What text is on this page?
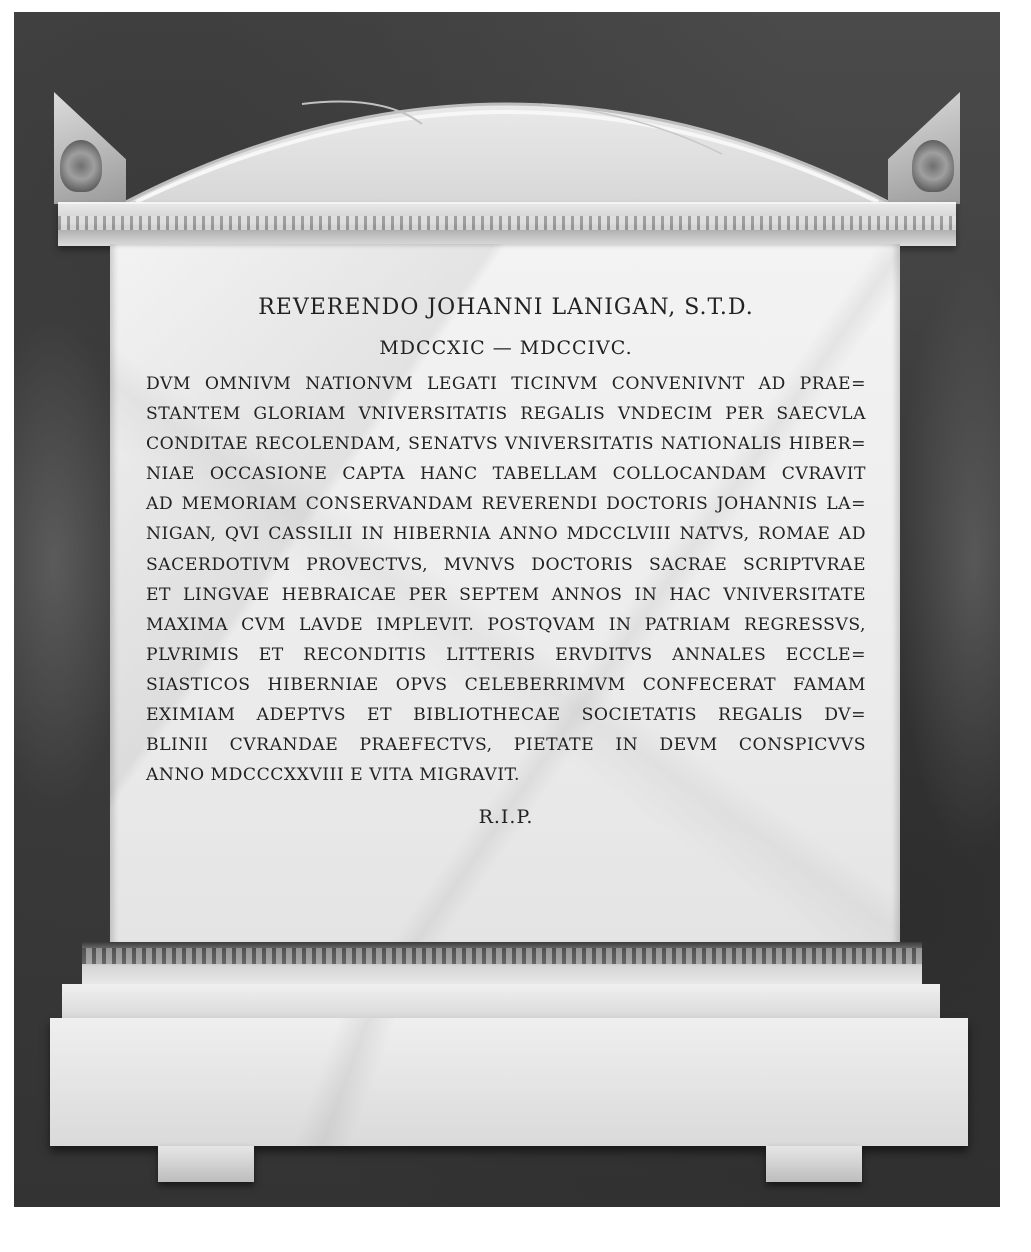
REVERENDO JOHANNI LANIGAN, S.T.D.
MDCCXIC — MDCCIVC.
DVM OMNIVM NATIONVM LEGATI TICINVM CONVENIVNT AD PRAE=
STANTEM GLORIAM VNIVERSITATIS REGALIS VNDECIM PER SAECVLA
CONDITAE RECOLENDAM, SENATVS VNIVERSITATIS NATIONALIS HIBER=
NIAE OCCASIONE CAPTA HANC TABELLAM COLLOCANDAM CVRAVIT
AD MEMORIAM CONSERVANDAM REVERENDI DOCTORIS JOHANNIS LA=
NIGAN, QVI CASSILII IN HIBERNIA ANNO MDCCLVIII NATVS, ROMAE AD
SACERDOTIVM PROVECTVS, MVNVS DOCTORIS SACRAE SCRIPTVRAE
ET LINGVAE HEBRAICAE PER SEPTEM ANNOS IN HAC VNIVERSITATE
MAXIMA CVM LAVDE IMPLEVIT. POSTQVAM IN PATRIAM REGRESSVS,
PLVRIMIS ET RECONDITIS LITTERIS ERVDITVS ANNALES ECCLE=
SIASTICOS HIBERNIAE OPVS CELEBERRIMVM CONFECERAT FAMAM
EXIMIAM ADEPTVS ET BIBLIOTHECAE SOCIETATIS REGALIS DV=
BLINII CVRANDAE PRAEFECTVS, PIETATE IN DEVM CONSPICVVS
ANNO MDCCCXXVIII E VITA MIGRAVIT.
R.I.P.
